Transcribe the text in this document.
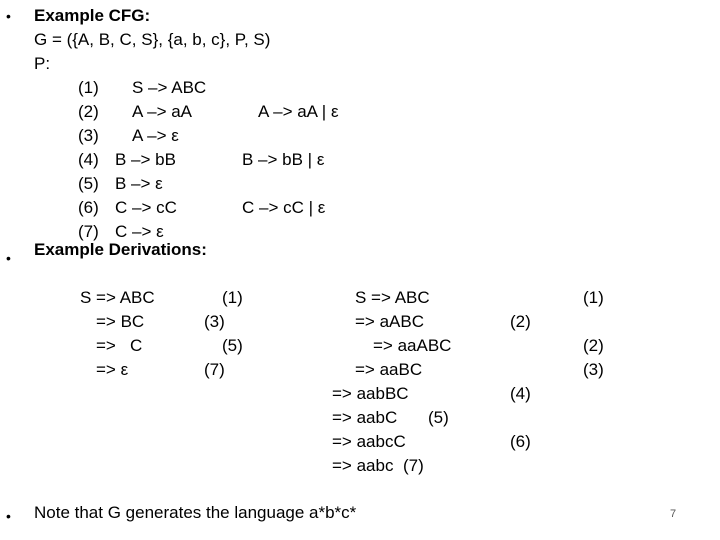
• Example CFG:
G = ({A, B, C, S}, {a, b, c}, P, S)
P:
(1) S –> ABC
(2) A –> aA	A –> aA | ε
(3) A –> ε
(4) B –> bB	B –> bB | ε
(5) B –> ε
(6) C –> cC	C –> cC | ε
(7) C –> ε
• Example Derivations:
S => ABC	(1)
=> BC	(3)
=>   C	(5)
=> ε	(7)
S => ABC	(1)
=> aABC	(2)
=> aaABC	(2)
=> aaBC	(3)
=> aabBC	(4)
=> aabC (5)
=> aabcC	(6)
=> aabc (7)
• Note that G generates the language a*b*c*	7
